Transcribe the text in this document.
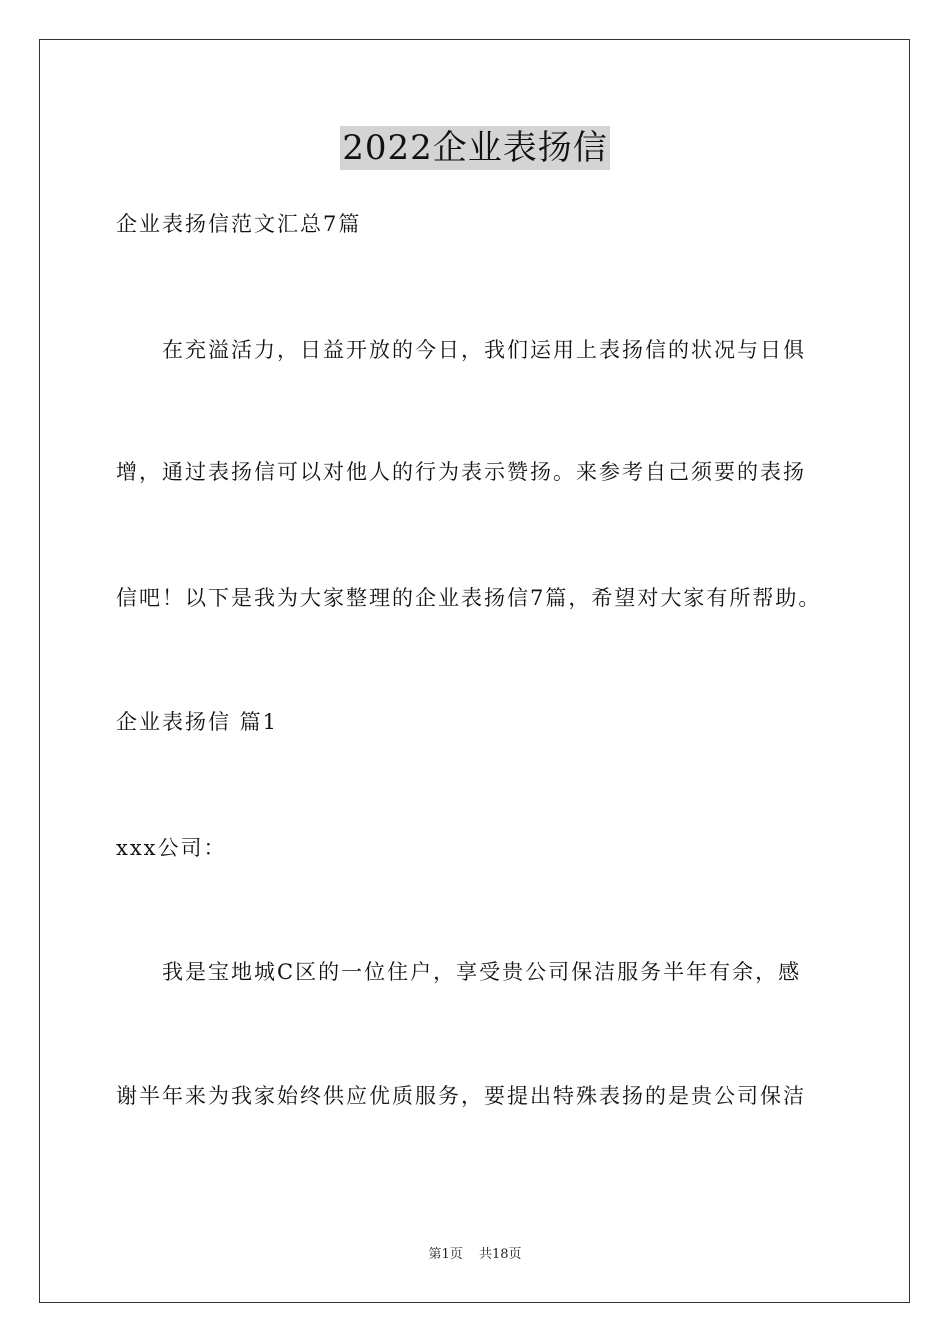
2022企业表扬信
企业表扬信范文汇总7篇
在充溢活力，日益开放的今日，我们运用上表扬信的状况与日俱
增，通过表扬信可以对他人的行为表示赞扬。来参考自己须要的表扬
信吧！以下是我为大家整理的企业表扬信7篇，希望对大家有所帮助。
企业表扬信 篇1
xxx公司：
我是宝地城C区的一位住户，享受贵公司保洁服务半年有余，感
谢半年来为我家始终供应优质服务，要提出特殊表扬的是贵公司保洁
第1页 共18页
